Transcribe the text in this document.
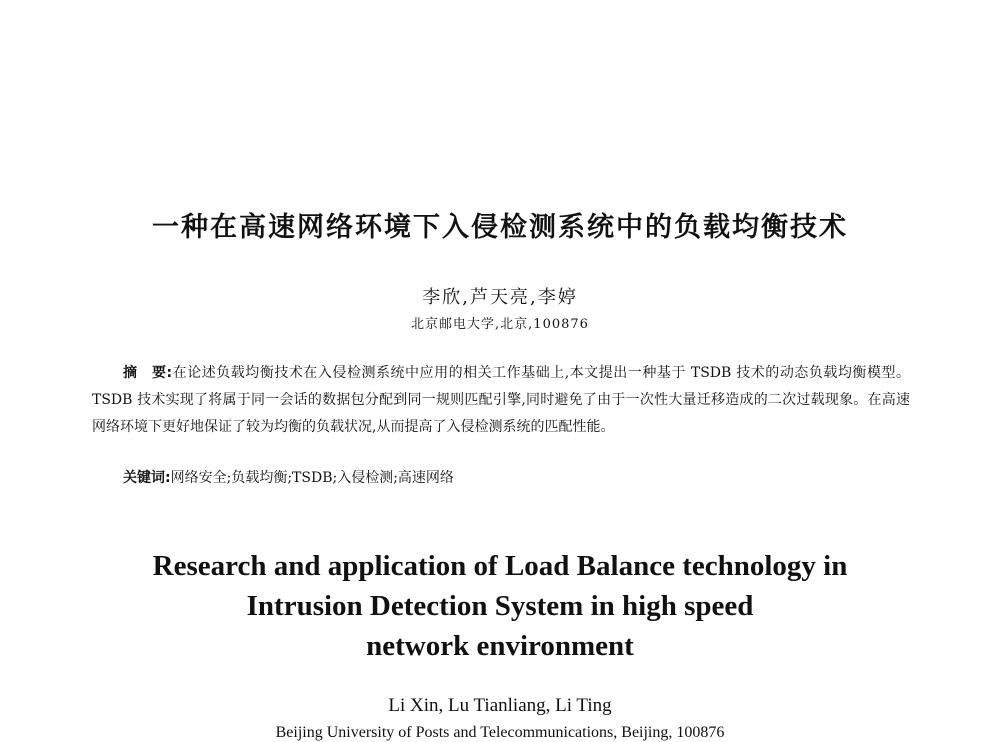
一种在高速网络环境下入侵检测系统中的负载均衡技术
李欣,芦天亮,李婷
北京邮电大学,北京,100876
摘　要:在论述负载均衡技术在入侵检测系统中应用的相关工作基础上,本文提出一种基于 TSDB 技术的动态负载均衡模型。TSDB 技术实现了将属于同一会话的数据包分配到同一规则匹配引擎,同时避免了由于一次性大量迁移造成的二次过载现象。在高速网络环境下更好地保证了较为均衡的负载状况,从而提高了入侵检测系统的匹配性能。
关键词:网络安全;负载均衡;TSDB;入侵检测;高速网络
Research and application of Load Balance technology in
Intrusion Detection System in high speed
network environment
Li Xin, Lu Tianliang, Li Ting
Beijing University of Posts and Telecommunications, Beijing, 100876
